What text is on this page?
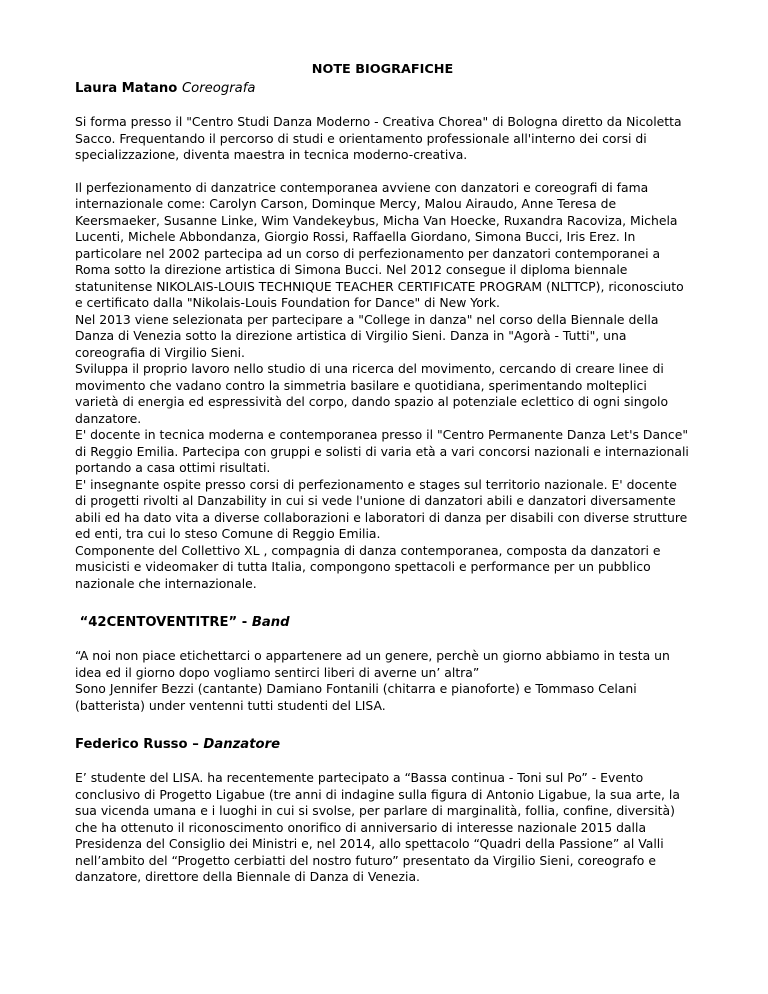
NOTE BIOGRAFICHE

Laura Matano Coreografa

Si forma presso il "Centro Studi Danza Moderno - Creativa Chorea" di Bologna diretto da Nicoletta Sacco. Frequentando il percorso di studi e orientamento professionale all'interno dei corsi di specializzazione, diventa maestra in tecnica moderno-creativa.

Il perfezionamento di danzatrice contemporanea avviene con danzatori e coreografi di fama internazionale come: Carolyn Carson, Dominque Mercy, Malou Airaudo, Anne Teresa de Keersmaeker, Susanne Linke, Wim Vandekeybus, Micha Van Hoecke, Ruxandra Racoviza, Michela Lucenti, Michele Abbondanza, Giorgio Rossi, Raffaella Giordano, Simona Bucci, Iris Erez. In particolare nel 2002 partecipa ad un corso di perfezionamento per danzatori contemporanei a Roma sotto la direzione artistica di Simona Bucci. Nel 2012 consegue il diploma biennale statunitense NIKOLAIS-LOUIS TECHNIQUE TEACHER CERTIFICATE PROGRAM (NLTTCP), riconosciuto e certificato dalla "Nikolais-Louis Foundation for Dance" di New York.
Nel 2013 viene selezionata per partecipare a "College in danza" nel corso della Biennale della Danza di Venezia sotto la direzione artistica di Virgilio Sieni. Danza in "Agorà - Tutti", una coreografia di Virgilio Sieni.
Sviluppa il proprio lavoro nello studio di una ricerca del movimento, cercando di creare linee di movimento che vadano contro la simmetria basilare e quotidiana, sperimentando molteplici varietà di energia ed espressività del corpo, dando spazio al potenziale eclettico di ogni singolo danzatore.
E' docente in tecnica moderna e contemporanea presso il "Centro Permanente Danza Let's Dance" di Reggio Emilia. Partecipa con gruppi e solisti di varia età a vari concorsi nazionali e internazionali portando a casa ottimi risultati.
E' insegnante ospite presso corsi di perfezionamento e stages sul territorio nazionale. E' docente di progetti rivolti al Danzability in cui si vede l'unione di danzatori abili e danzatori diversamente abili ed ha dato vita a diverse collaborazioni e laboratori di danza per disabili con diverse strutture ed enti, tra cui lo steso Comune di Reggio Emilia.
Componente del Collettivo XL , compagnia di danza contemporanea, composta da danzatori e musicisti e videomaker di tutta Italia, compongono spettacoli e performance per un pubblico nazionale che internazionale.

“42CENTOVENTITRE” - Band

“A noi non piace etichettarci o appartenere ad un genere, perchè un giorno abbiamo in testa un idea ed il giorno dopo vogliamo sentirci liberi di averne un’ altra”
Sono Jennifer Bezzi (cantante) Damiano Fontanili (chitarra e pianoforte) e Tommaso Celani (batterista) under ventenni tutti studenti del LISA.

Federico Russo – Danzatore

E’ studente del LISA. ha recentemente partecipato a “Bassa continua - Toni sul Po” - Evento conclusivo di Progetto Ligabue (tre anni di indagine sulla figura di Antonio Ligabue, la sua arte, la sua vicenda umana e i luoghi in cui si svolse, per parlare di marginalità, follia, confine, diversità) che ha ottenuto il riconoscimento onorifico di anniversario di interesse nazionale 2015 dalla Presidenza del Consiglio dei Ministri e, nel 2014, allo spettacolo “Quadri della Passione” al Valli nell’ambito del “Progetto cerbiatti del nostro futuro” presentato da Virgilio Sieni, coreografo e danzatore, direttore della Biennale di Danza di Venezia.
